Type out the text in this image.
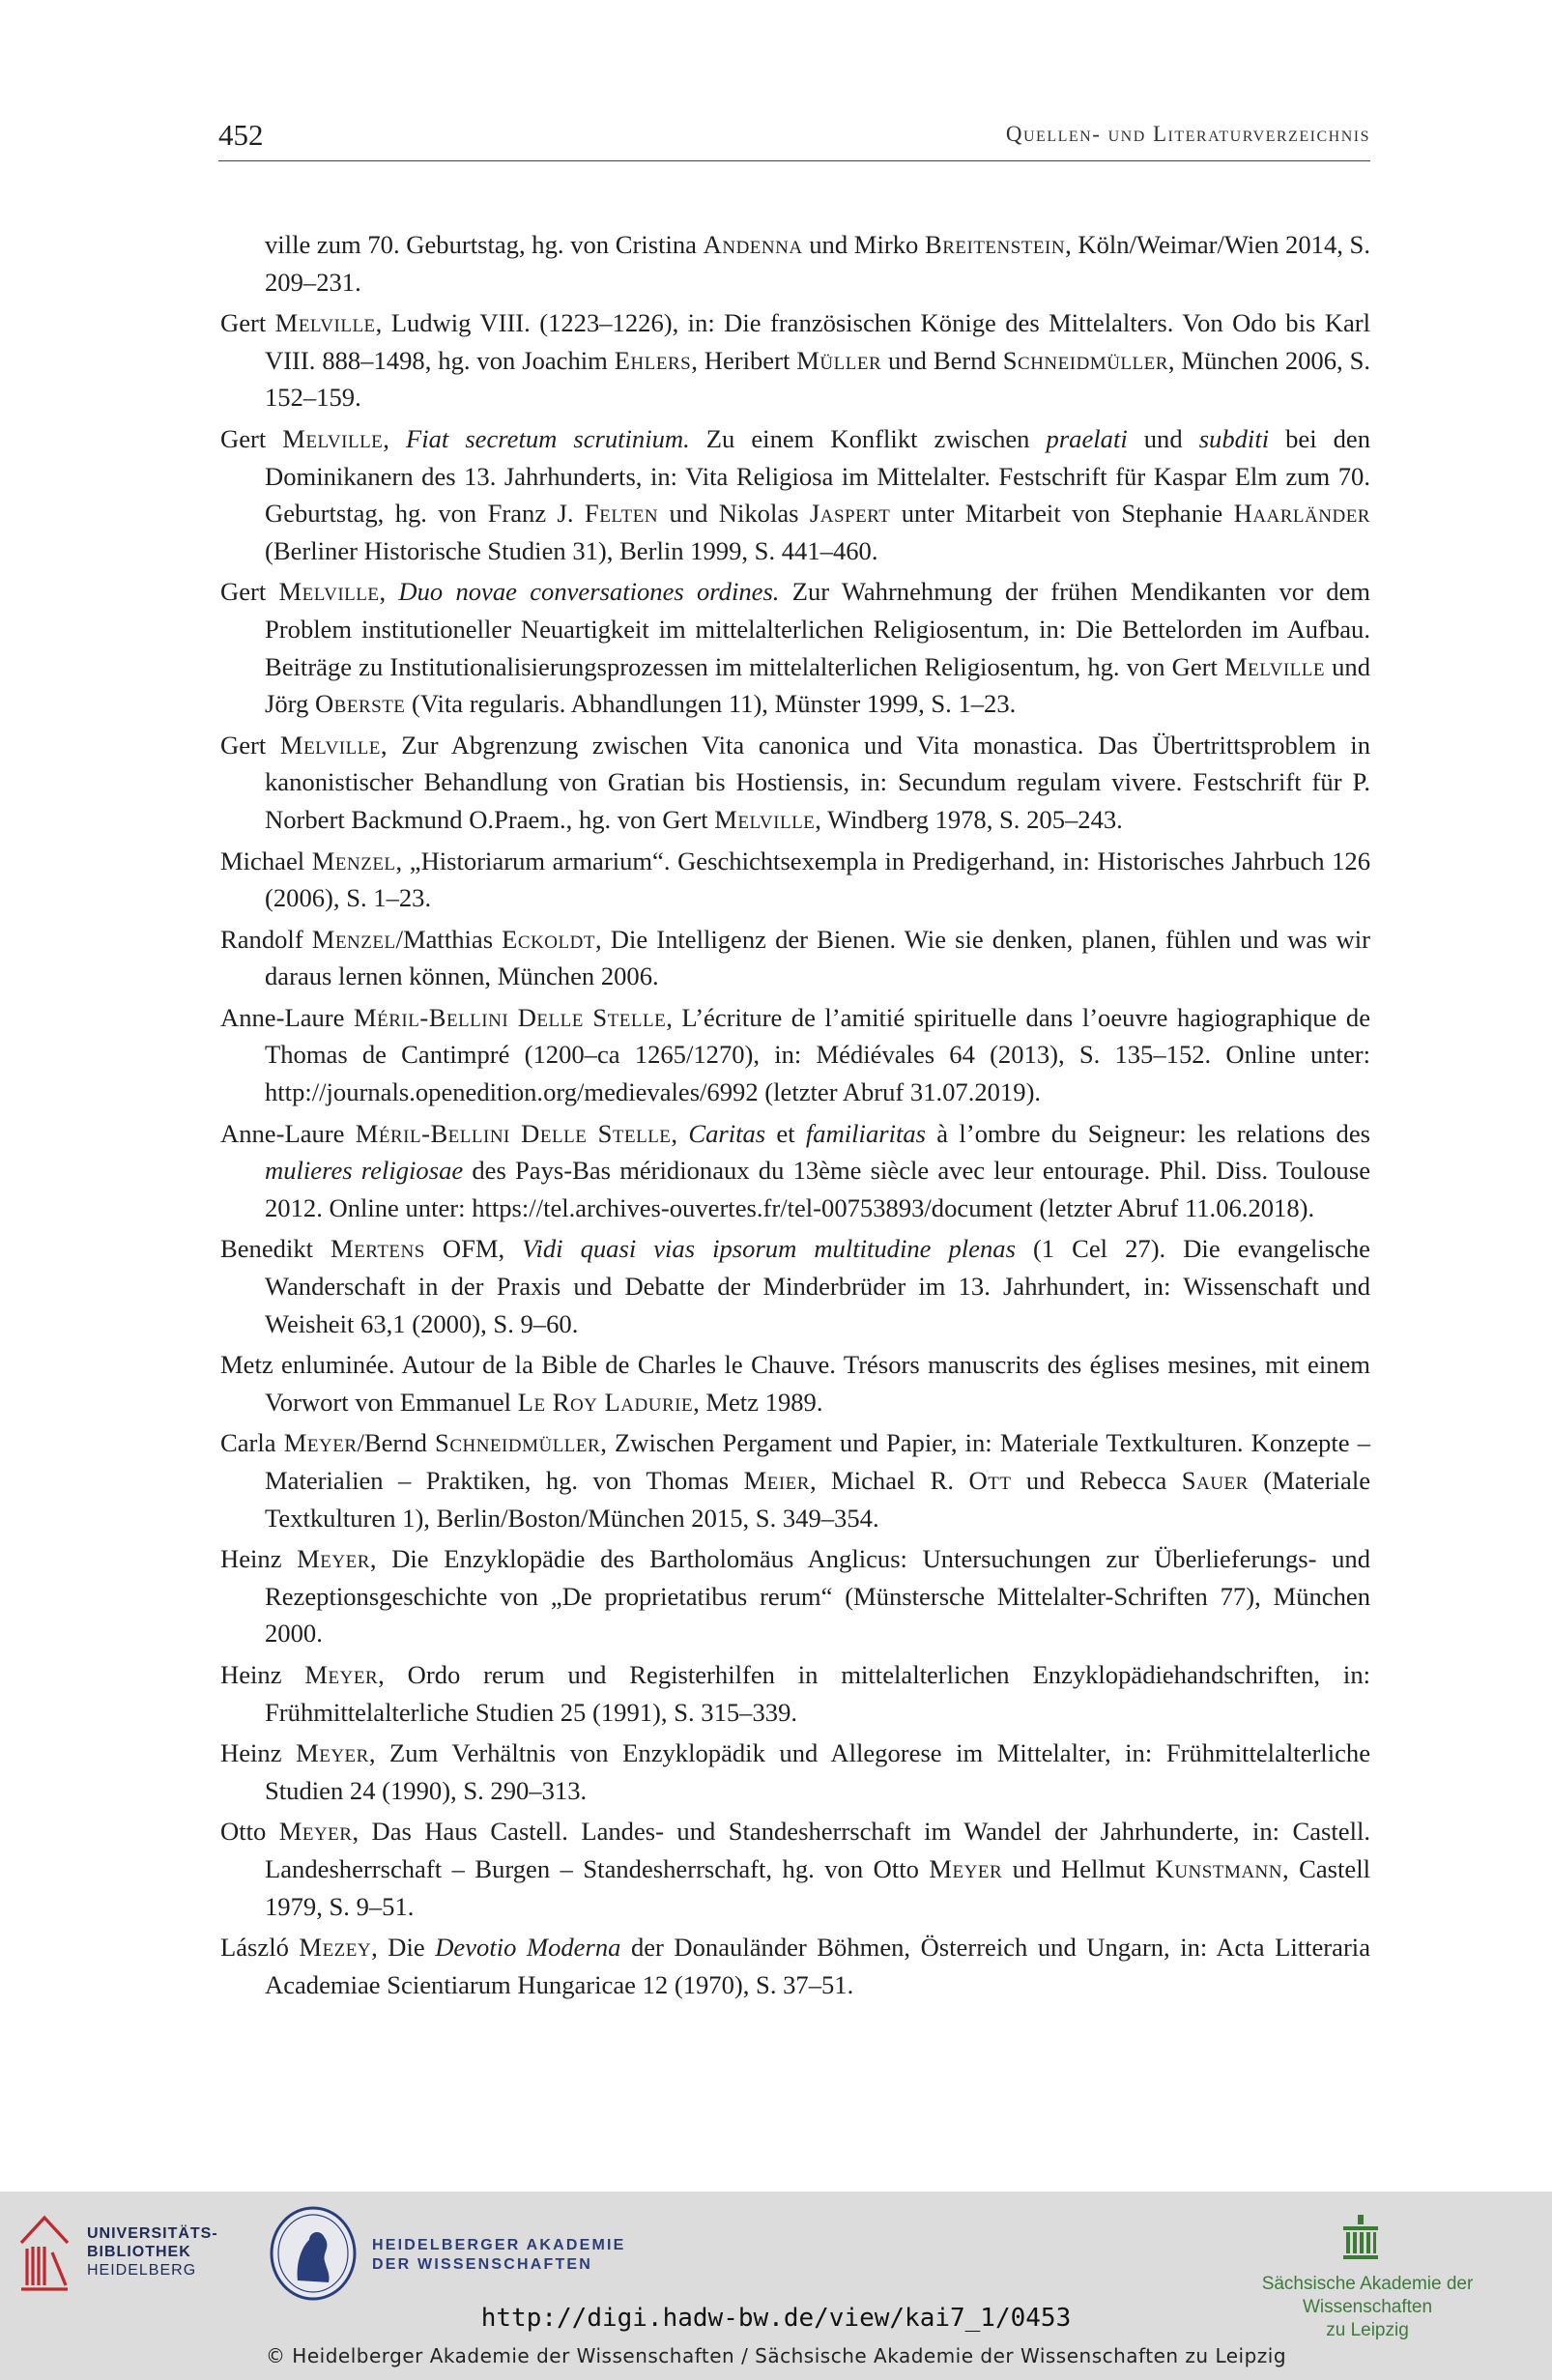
452	Quellen- und Literaturverzeichnis
ville zum 70. Geburtstag, hg. von Cristina Andenna und Mirko Breitenstein, Köln/Weimar/Wien 2014, S. 209–231.
Gert Melville, Ludwig VIII. (1223–1226), in: Die französischen Könige des Mittelalters. Von Odo bis Karl VIII. 888–1498, hg. von Joachim Ehlers, Heribert Müller und Bernd Schneidmüller, München 2006, S. 152–159.
Gert Melville, Fiat secretum scrutinium. Zu einem Konflikt zwischen praelati und subditi bei den Dominikanern des 13. Jahrhunderts, in: Vita Religiosa im Mittelalter. Festschrift für Kaspar Elm zum 70. Geburtstag, hg. von Franz J. Felten und Nikolas Jaspert unter Mitarbeit von Stephanie Haarländer (Berliner Historische Studien 31), Berlin 1999, S. 441–460.
Gert Melville, Duo novae conversationes ordines. Zur Wahrnehmung der frühen Mendikanten vor dem Problem institutioneller Neuartigkeit im mittelalterlichen Religiosentum, in: Die Bettelorden im Aufbau. Beiträge zu Institutionalisierungsprozessen im mittelalterlichen Religiosentum, hg. von Gert Melville und Jörg Oberste (Vita regularis. Abhandlungen 11), Münster 1999, S. 1–23.
Gert Melville, Zur Abgrenzung zwischen Vita canonica und Vita monastica. Das Übertrittsproblem in kanonistischer Behandlung von Gratian bis Hostiensis, in: Secundum regulam vivere. Festschrift für P. Norbert Backmund O.Praem., hg. von Gert Melville, Windberg 1978, S. 205–243.
Michael Menzel, „Historiarum armarium“. Geschichtsexempla in Predigerhand, in: Historisches Jahrbuch 126 (2006), S. 1–23.
Randolf Menzel/Matthias Eckoldt, Die Intelligenz der Bienen. Wie sie denken, planen, fühlen und was wir daraus lernen können, München 2006.
Anne-Laure Méril-Bellini Delle Stelle, L’écriture de l’amitié spirituelle dans l’oeuvre hagiographique de Thomas de Cantimpré (1200–ca 1265/1270), in: Médiévales 64 (2013), S. 135–152. Online unter: http://journals.openedition.org/medievales/6992 (letzter Abruf 31.07.2019).
Anne-Laure Méril-Bellini Delle Stelle, Caritas et familiaritas à l’ombre du Seigneur: les relations des mulieres religiosae des Pays-Bas méridionaux du 13ème siècle avec leur entourage. Phil. Diss. Toulouse 2012. Online unter: https://tel.archives-ouvertes.fr/tel-00753893/document (letzter Abruf 11.06.2018).
Benedikt Mertens OFM, Vidi quasi vias ipsorum multitudine plenas (1 Cel 27). Die evangelische Wanderschaft in der Praxis und Debatte der Minderbrüder im 13. Jahrhundert, in: Wissenschaft und Weisheit 63,1 (2000), S. 9–60.
Metz enluminée. Autour de la Bible de Charles le Chauve. Trésors manuscrits des églises mesines, mit einem Vorwort von Emmanuel Le Roy Ladurie, Metz 1989.
Carla Meyer/Bernd Schneidmüller, Zwischen Pergament und Papier, in: Materiale Textkulturen. Konzepte – Materialien – Praktiken, hg. von Thomas Meier, Michael R. Ott und Rebecca Sauer (Materiale Textkulturen 1), Berlin/Boston/München 2015, S. 349–354.
Heinz Meyer, Die Enzyklopädie des Bartholomäus Anglicus: Untersuchungen zur Überlieferungs- und Rezeptionsgeschichte von „De proprietatibus rerum“ (Münstersche Mittelalter-Schriften 77), München 2000.
Heinz Meyer, Ordo rerum und Registerhilfen in mittelalterlichen Enzyklopädiehandschriften, in: Frühmittelalterliche Studien 25 (1991), S. 315–339.
Heinz Meyer, Zum Verhältnis von Enzyklopädik und Allegorese im Mittelalter, in: Frühmittelalterliche Studien 24 (1990), S. 290–313.
Otto Meyer, Das Haus Castell. Landes- und Standesherrschaft im Wandel der Jahrhunderte, in: Castell. Landesherrschaft – Burgen – Standesherrschaft, hg. von Otto Meyer und Hellmut Kunstmann, Castell 1979, S. 9–51.
László Mezey, Die Devotio Moderna der Donauländer Böhmen, Österreich und Ungarn, in: Acta Litteraria Academiae Scientiarum Hungaricae 12 (1970), S. 37–51.
UNIVERSITÄTS-
BIBLIOTHEK
HEIDELBERG
HEIDELBERGER AKADEMIE
DER WISSENSCHAFTEN
Sächsische Akademie der Wissenschaften
zu Leipzig
http://digi.hadw-bw.de/view/kai7_1/0453
© Heidelberger Akademie der Wissenschaften / Sächsische Akademie der Wissenschaften zu Leipzig
